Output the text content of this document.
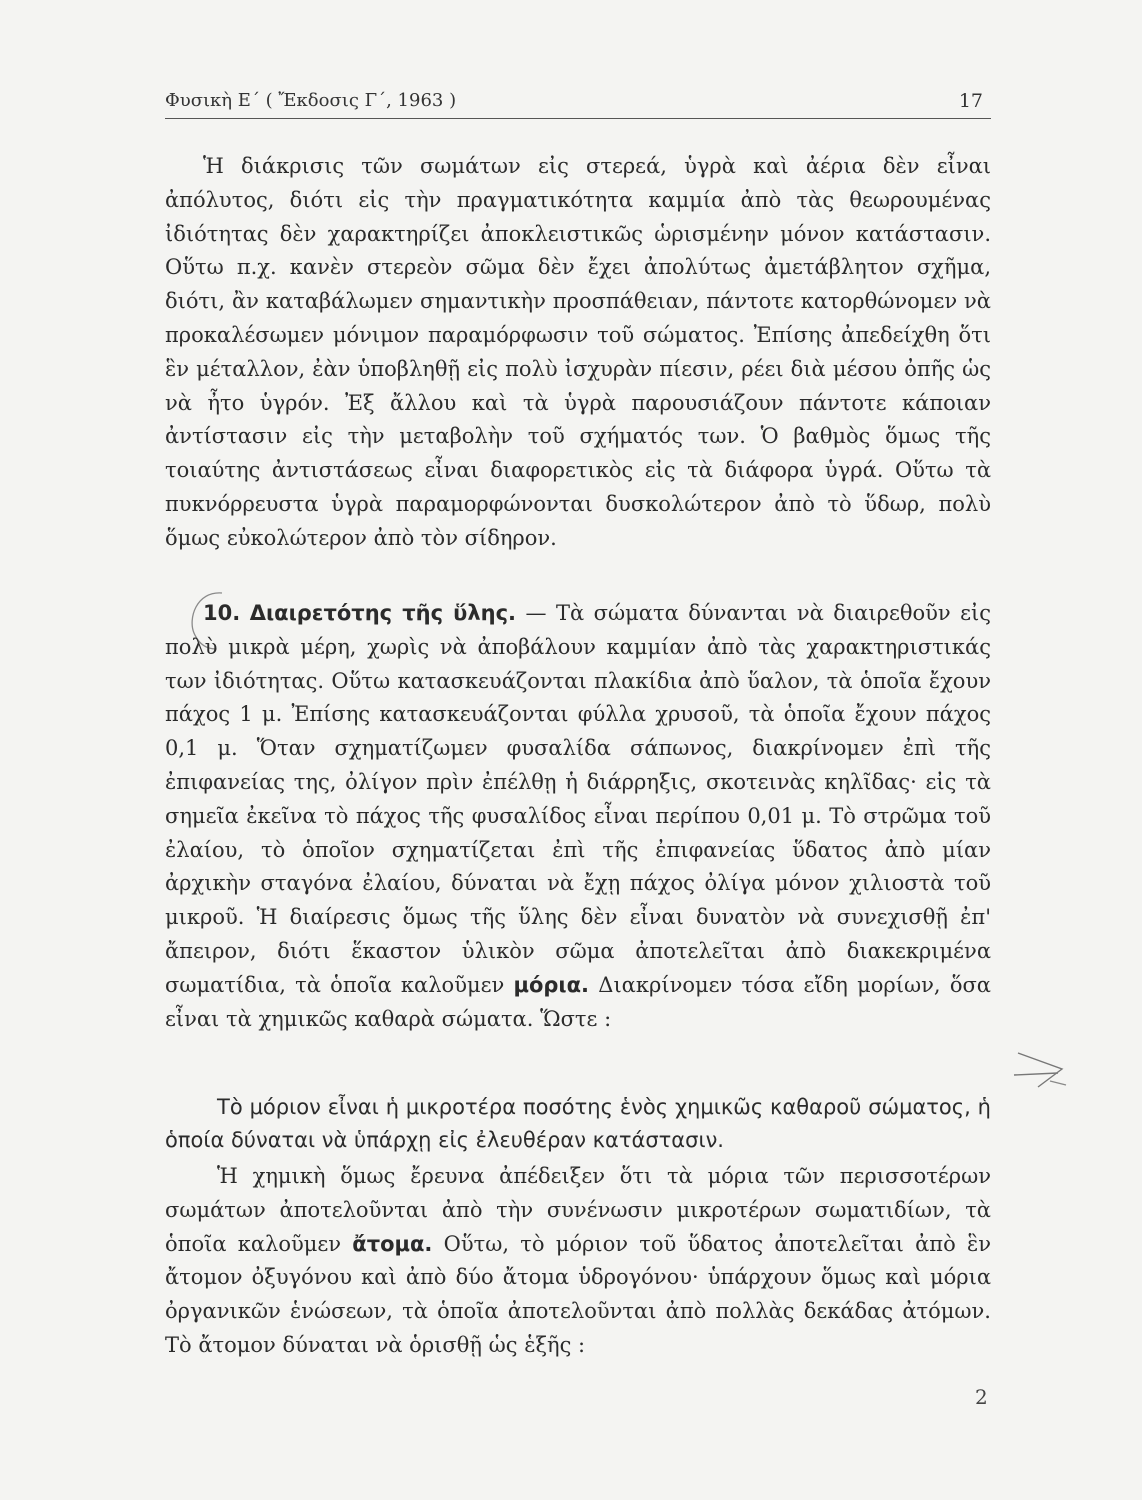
Φυσικὴ Ε΄ ( Ἔκδοσις Γ΄, 1963 )	17

Ἡ διάκρισις τῶν σωμάτων εἰς στερεά, ὑγρὰ καὶ ἀέρια δὲν εἶναι ἀπόλυτος, διότι εἰς τὴν πραγματικότητα καμμία ἀπὸ τὰς θεωρουμένας ἰδιότητας δὲν χαρακτηρίζει ἀποκλειστικῶς ὡρισμένην μόνον κατάστασιν. Οὕτω π.χ. κανὲν στερεὸν σῶμα δὲν ἔχει ἀπολύτως ἀμετάβλητον σχῆμα, διότι, ἂν καταβάλωμεν σημαντικὴν προσπάθειαν, πάντοτε κατορθώνομεν νὰ προκαλέσωμεν μόνιμον παραμόρφωσιν τοῦ σώματος. Ἐπίσης ἀπεδείχθη ὅτι ἓν μέταλλον, ἐὰν ὑποβληθῇ εἰς πολὺ ἰσχυρὰν πίεσιν, ρέει διὰ μέσου ὀπῆς ὡς νὰ ἦτο ὑγρόν. Ἐξ ἄλλου καὶ τὰ ὑγρὰ παρουσιάζουν πάντοτε κάποιαν ἀντίστασιν εἰς τὴν μεταβολὴν τοῦ σχήματός των. Ὁ βαθμὸς ὅμως τῆς τοιαύτης ἀντιστάσεως εἶναι διαφορετικὸς εἰς τὰ διάφορα ὑγρά. Οὕτω τὰ πυκνόρρευστα ὑγρὰ παραμορφώνονται δυσκολώτερον ἀπὸ τὸ ὕδωρ, πολὺ ὅμως εὐκολώτερον ἀπὸ τὸν σίδηρον.

10. Διαιρετότης τῆς ὕλης. — Τὰ σώματα δύνανται νὰ διαιρεθοῦν εἰς πολὺ μικρὰ μέρη, χωρὶς νὰ ἀποβάλουν καμμίαν ἀπὸ τὰς χαρακτηριστικάς των ἰδιότητας. Οὕτω κατασκευάζονται πλακίδια ἀπὸ ὕαλον, τὰ ὁποῖα ἔχουν πάχος 1 μ. Ἐπίσης κατασκευάζονται φύλλα χρυσοῦ, τὰ ὁποῖα ἔχουν πάχος 0,1 μ. Ὅταν σχηματίζωμεν φυσαλίδα σάπωνος, διακρίνομεν ἐπὶ τῆς ἐπιφανείας της, ὀλίγον πρὶν ἐπέλθῃ ἡ διάρρηξις, σκοτεινὰς κηλῖδας· εἰς τὰ σημεῖα ἐκεῖνα τὸ πάχος τῆς φυσαλίδος εἶναι περίπου 0,01 μ. Τὸ στρῶμα τοῦ ἐλαίου, τὸ ὁποῖον σχηματίζεται ἐπὶ τῆς ἐπιφανείας ὕδατος ἀπὸ μίαν ἀρχικὴν σταγόνα ἐλαίου, δύναται νὰ ἔχῃ πάχος ὀλίγα μόνον χιλιοστὰ τοῦ μικροῦ. Ἡ διαίρεσις ὅμως τῆς ὕλης δὲν εἶναι δυνατὸν νὰ συνεχισθῇ ἐπ' ἄπειρον, διότι ἕκαστον ὑλικὸν σῶμα ἀποτελεῖται ἀπὸ διακεκριμένα σωματίδια, τὰ ὁποῖα καλοῦμεν μόρια. Διακρίνομεν τόσα εἴδη μορίων, ὅσα εἶναι τὰ χημικῶς καθαρὰ σώματα. Ὥστε :

Τὸ μόριον εἶναι ἡ μικροτέρα ποσότης ἑνὸς χημικῶς καθαροῦ σώματος, ἡ ὁποία δύναται νὰ ὑπάρχῃ εἰς ἐλευθέραν κατάστασιν.

Ἡ χημικὴ ὅμως ἔρευνα ἀπέδειξεν ὅτι τὰ μόρια τῶν περισσοτέρων σωμάτων ἀποτελοῦνται ἀπὸ τὴν συνένωσιν μικροτέρων σωματιδίων, τὰ ὁποῖα καλοῦμεν ἄτομα. Οὕτω, τὸ μόριον τοῦ ὕδατος ἀποτελεῖται ἀπὸ ἓν ἄτομον ὀξυγόνου καὶ ἀπὸ δύο ἄτομα ὑδρογόνου· ὑπάρχουν ὅμως καὶ μόρια ὀργανικῶν ἑνώσεων, τὰ ὁποῖα ἀποτελοῦνται ἀπὸ πολλὰς δεκάδας ἀτόμων. Τὸ ἄτομον δύναται νὰ ὁρισθῇ ὡς ἑξῆς :

2
